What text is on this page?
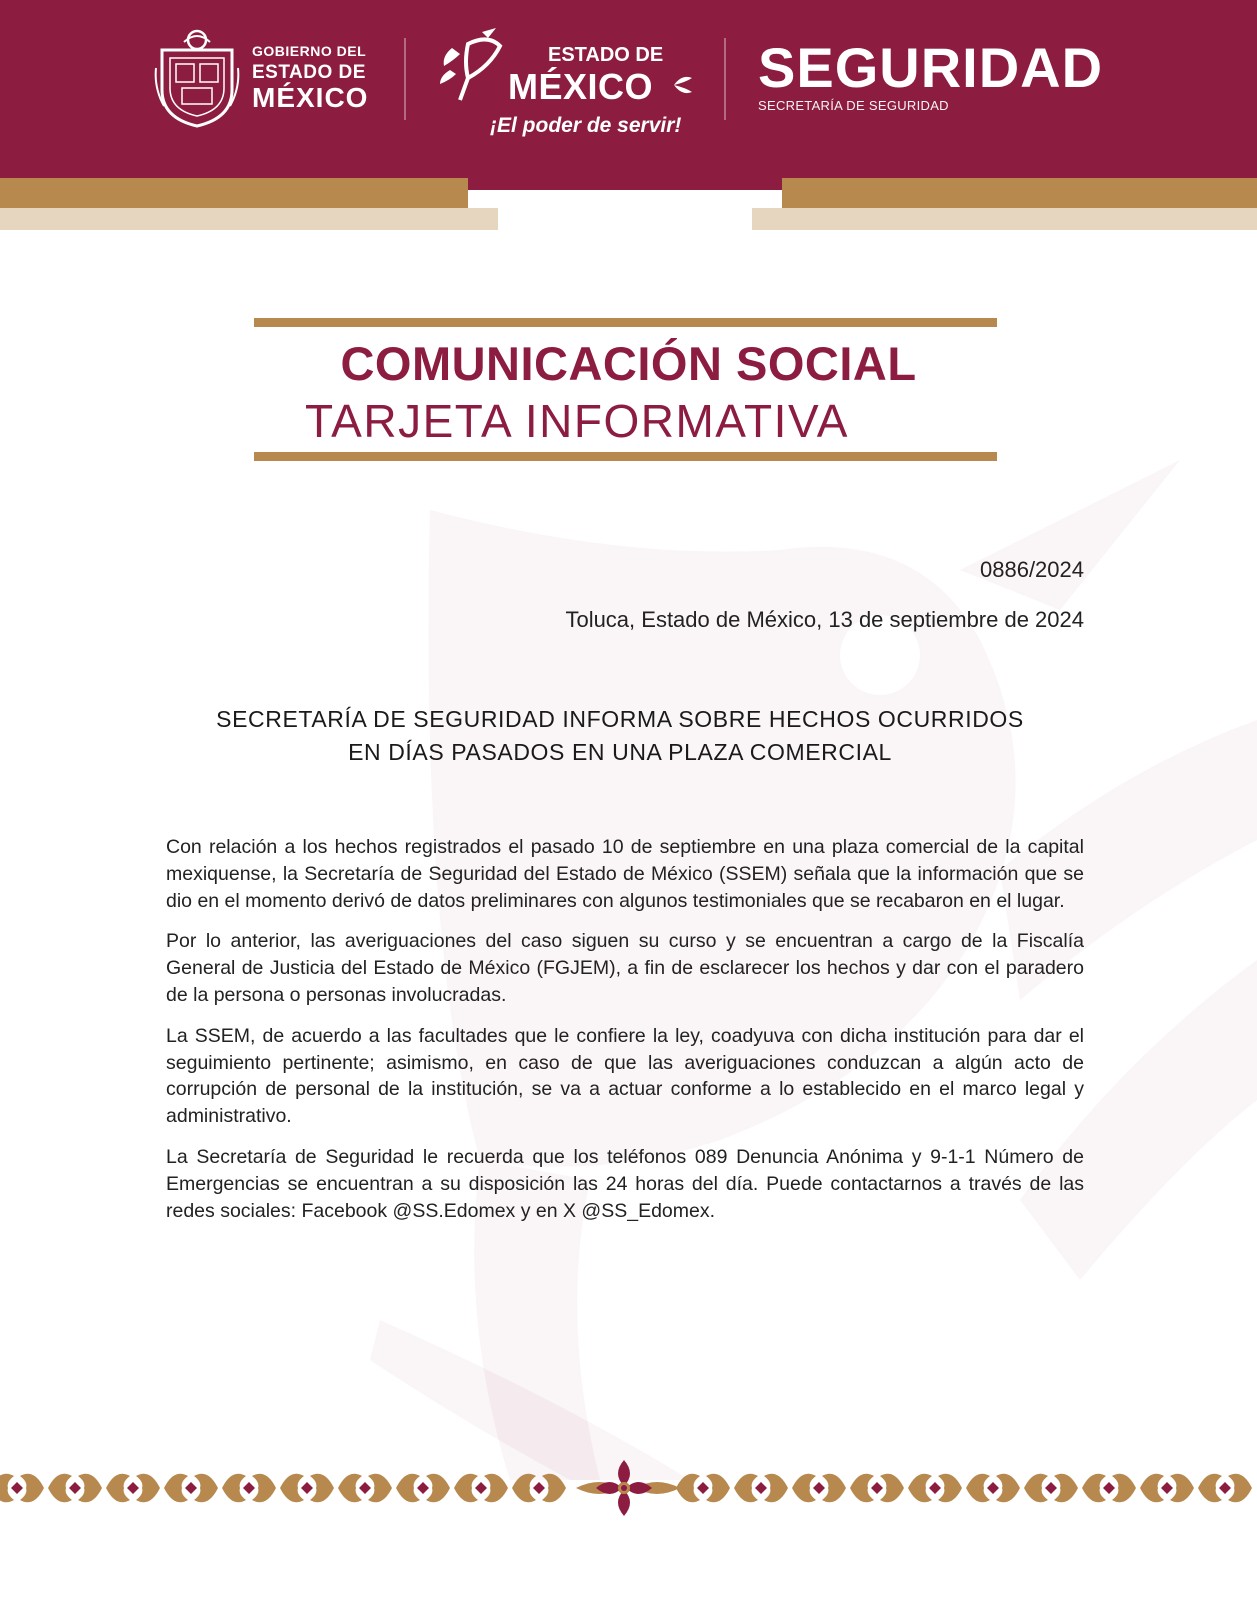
GOBIERNO DEL
ESTADO DE
MÉXICO
ESTADO DE
MÉXICO
¡El poder de servir!
SEGURIDAD
SECRETARÍA DE SEGURIDAD
COMUNICACIÓN SOCIAL
TARJETA INFORMATIVA
0886/2024
Toluca, Estado de México, 13 de septiembre de 2024
SECRETARÍA DE SEGURIDAD INFORMA SOBRE HECHOS OCURRIDOS
EN DÍAS PASADOS EN UNA PLAZA COMERCIAL

Con relación a los hechos registrados el pasado 10 de septiembre en una plaza comercial de la capital mexiquense, la Secretaría de Seguridad del Estado de México (SSEM) señala que la información que se dio en el momento derivó de datos preliminares con algunos testimoniales que se recabaron en el lugar.

Por lo anterior, las averiguaciones del caso siguen su curso y se encuentran a cargo de la Fiscalía General de Justicia del Estado de México (FGJEM), a fin de esclarecer los hechos y dar con el paradero de la persona o personas involucradas.

La SSEM, de acuerdo a las facultades que le confiere la ley, coadyuva con dicha institución para dar el seguimiento pertinente; asimismo, en caso de que las averiguaciones conduzcan a algún acto de corrupción de personal de la institución, se va a actuar conforme a lo establecido en el marco legal y administrativo.

La Secretaría de Seguridad le recuerda que los teléfonos 089 Denuncia Anónima y 9-1-1 Número de Emergencias se encuentran a su disposición las 24 horas del día. Puede contactarnos a través de las redes sociales: Facebook @SS.Edomex y en X @SS_Edomex.
